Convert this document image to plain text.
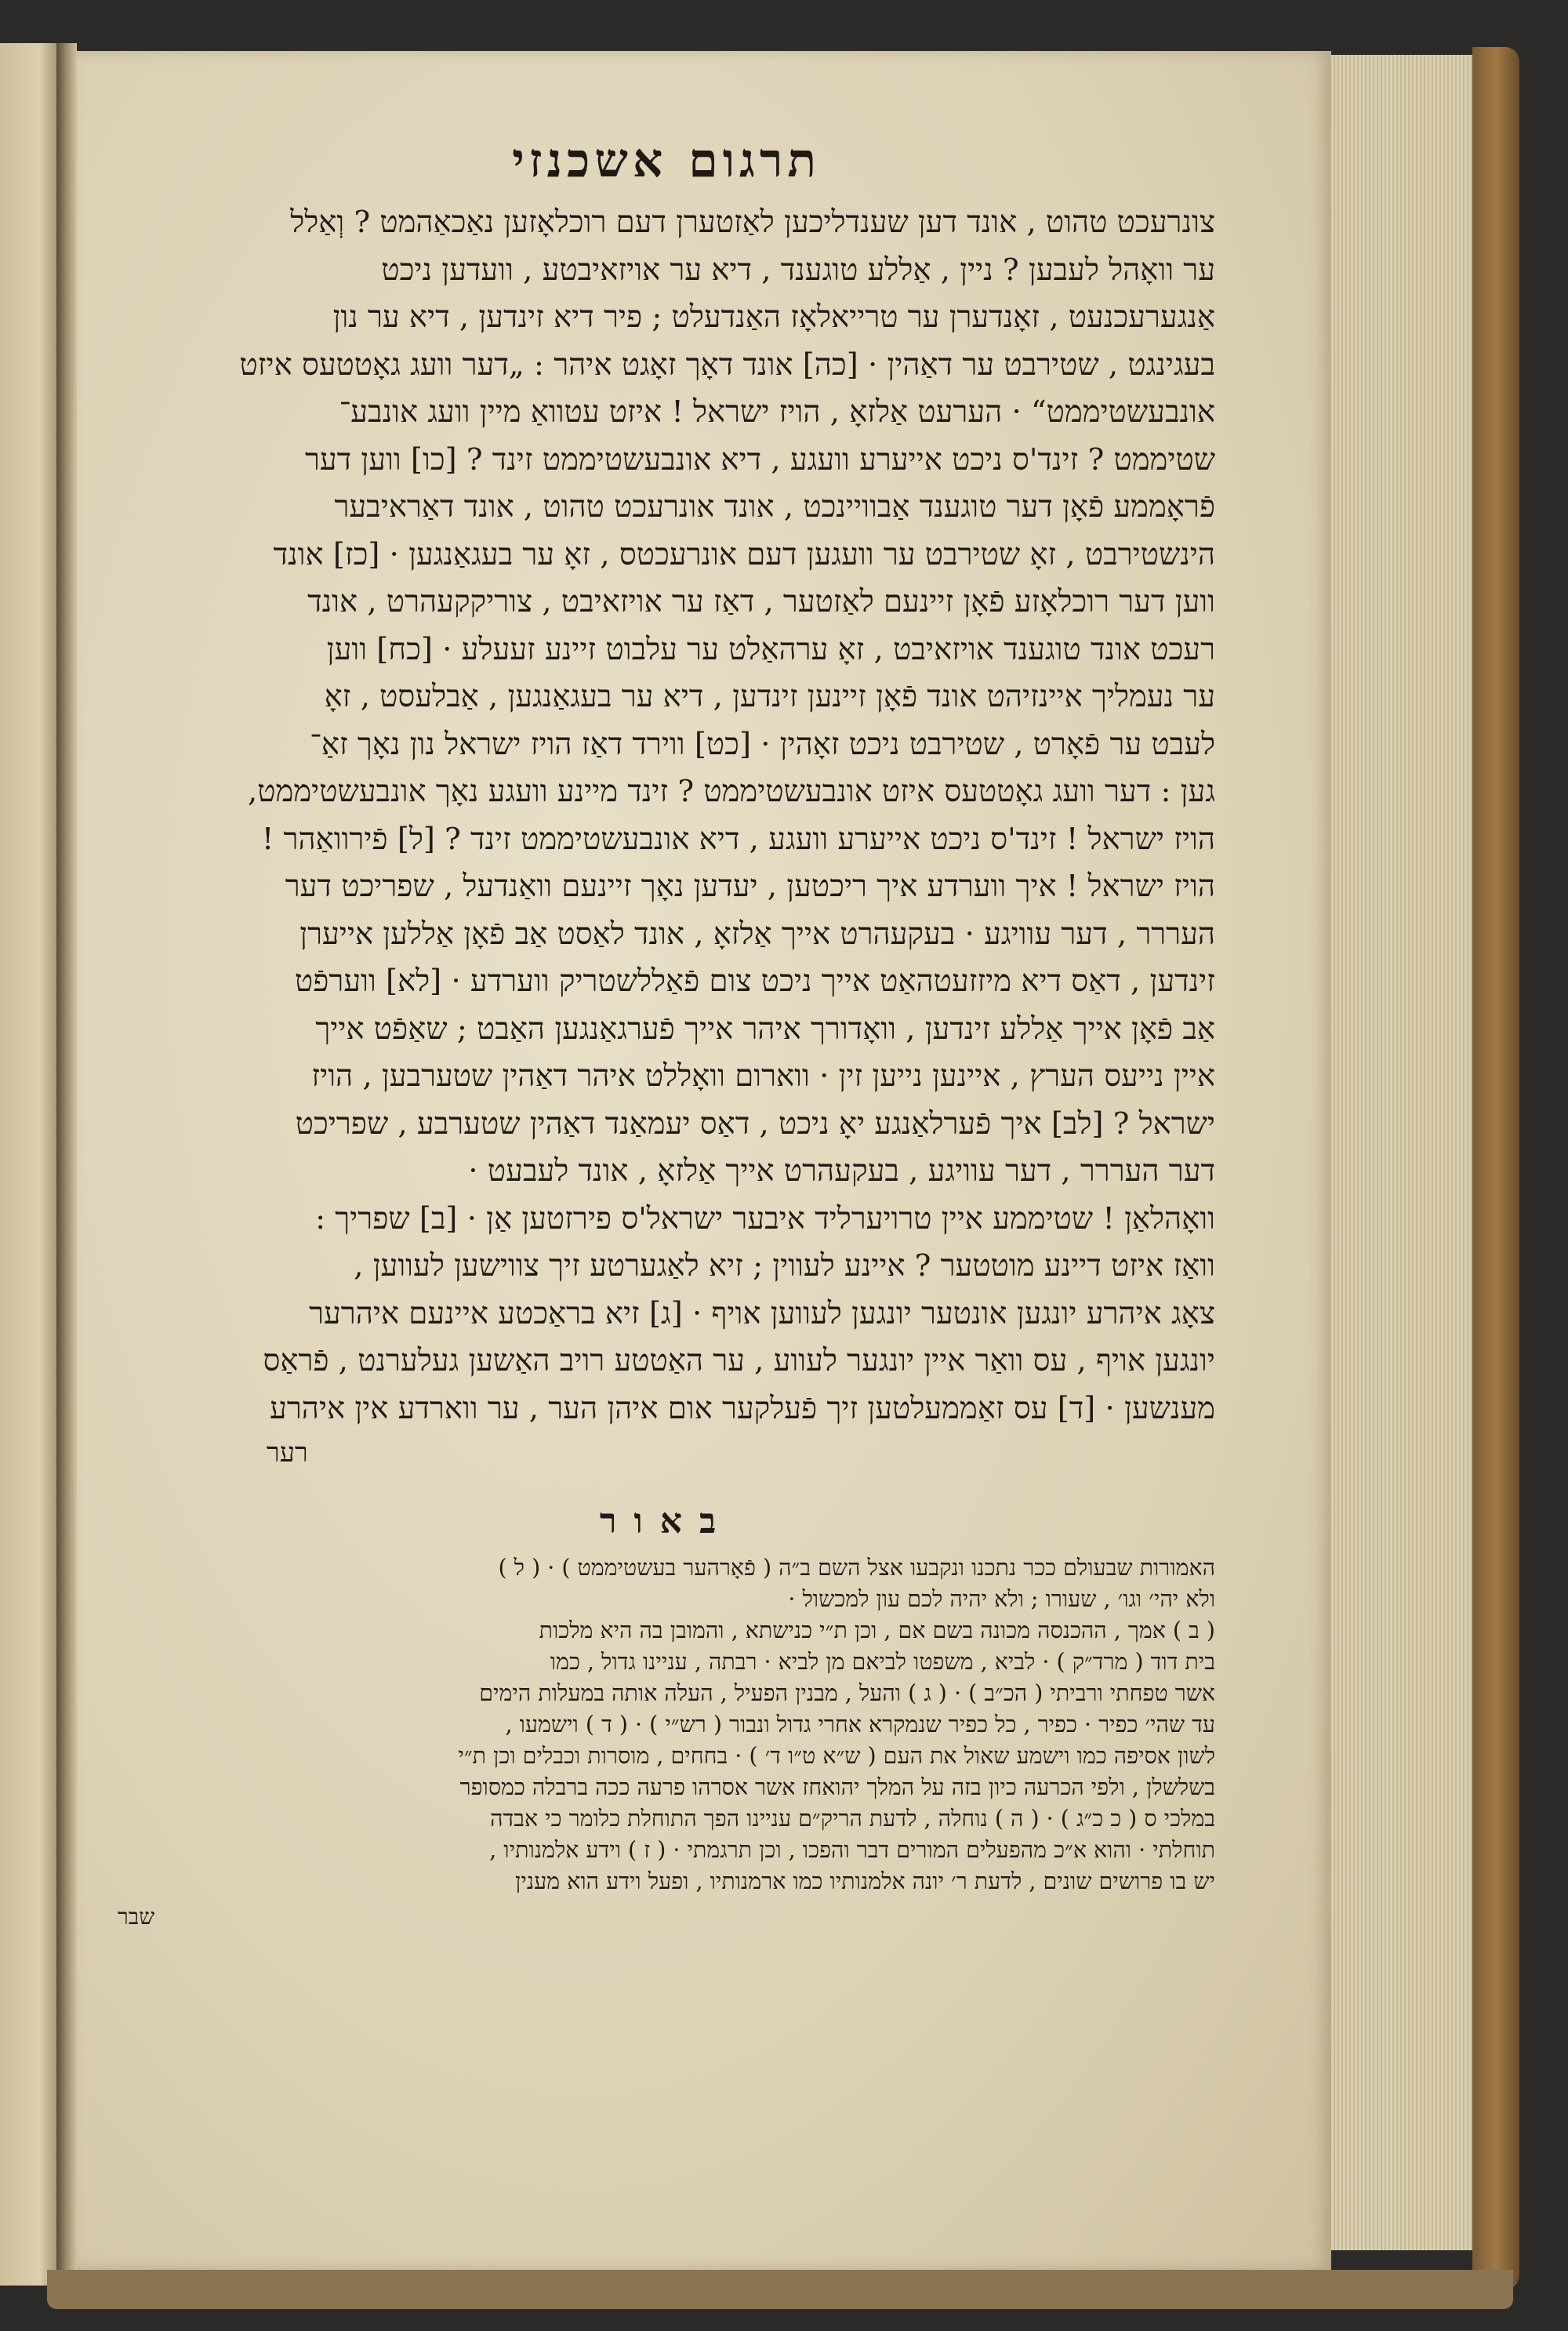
תרגום אשכנזי
צונרעכט טהוט , אונד דען שענדליכען לאַזטערן דעם רוכלאָזען נאַכאַהמט ? וְאַלל
ער וואָהל לעבען ? ניין , אַללע טוגענד , דיא ער אויזאיבטע , וועדען ניכט
אַנגערעכנעט , זאָנדערן ער טרייאלאָז האַנדעלט ; פיר דיא זינדען , דיא ער נון
בעגינגט , שטירבט ער דאַהין · [כה] אונד דאָך זאָגט איהר : „דער וועג גאָטטעס איזט
אונבעשטיממט“ · הערעט אַלזאָ , הויז ישראל ! איזט עטוואַ מיין וועג אונבע־
שטיממט ? זינד'ס ניכט אייערע וועגע , דיא אונבעשטיממט זינד ? [כו] ווען דער
פֿראָממע פֿאָן דער טוגענד אַבוויינכט , אונד אונרעכט טהוט , אונד דאַראיבער
הינשטירבט , זאָ שטירבט ער וועגען דעם אונרעכטס , זאָ ער בעגאַנגען · [כז] אונד
ווען דער רוכלאָזע פֿאָן זיינעם לאַזטער , דאַז ער אויזאיבט , צוריקקעהרט , אונד
רעכט אונד טוגענד אויזאיבט , זאָ ערהאַלט ער עלבוט זיינע זעעלע · [כח] ווען
ער נעמליך איינזיהט אונד פֿאָן זיינען זינדען , דיא ער בעגאַנגען , אַבלעסט , זאָ
לעבט ער פֿאָרט , שטירבט ניכט זאָהין · [כט] ווירד דאַז הויז ישראל נון נאָך זאַ־
גען : דער וועג גאָטטעס איזט אונבעשטיממט ? זינד מיינע וועגע נאָך אונבעשטיממט,
הויז ישראל ! זינד'ס ניכט אייערע וועגע , דיא אונבעשטיממט זינד ? [ל] פֿירוואַהר !
הויז ישראל ! איך ווערדע איך ריכטען , יעדען נאָך זיינעם וואַנדעל , שפריכט דער
העררר , דער עוויגע · בעקעהרט אייך אַלזאָ , אונד לאַסט אַב פֿאָן אַללען אייערן
זינדען , דאַס דיא מיזזעטהאַט אייך ניכט צום פֿאַללשטריק ווערדע · [לא] ווערפֿט
אַב פֿאָן אייך אַללע זינדען , וואָדורך איהר אייך פֿערגאַנגען האַבט ; שאַפֿט אייך
איין נייעס הערץ , איינען נייען זין · ווארום וואָללט איהר דאַהין שטערבען , הויז
ישראל ? [לב] איך פֿערלאַנגע יאָ ניכט , דאַס יעמאַנד דאַהין שטערבע , שפריכט
דער העררר , דער עוויגע , בעקעהרט אייך אַלזאָ , אונד לעבעט ·
וואָהלאַן ! שטיממע איין טרויערליד איבער ישראל'ס פירזטען אַן · [ב] שפריך :
וואַז איזט דיינע מוטטער ? איינע לעווין ; זיא לאַגערטע זיך צווישען לעווען ,
צאָג איהרע יונגען אונטער יונגען לעווען אויף · [ג] זיא בראַכטע איינעם איהרער
יונגען אויף , עס וואַר איין יונגער לעווע , ער האַטטע רויב האַשען געלערנט , פֿראַס
מענשען · [ד] עס זאַממעלטען זיך פֿעלקער אום איהן הער , ער ווארדע אין איהרע
רער
באור
האמורות שבעולם ככר נתכנו ונקבעו אצל השם ב״ה ( פֿאָרהער בעשטיממט ) · ( ל )
ולא יהי׳ וגו׳ , שעורו ; ולא יהיה לכם עון למכשול ·
( ב ) אמך , ההכנסה מכונה בשם אם , וכן ת״י כנישתא , והמובן בה היא מלכות
בית דוד ( מרד״ק ) · לביא , משפטו לביאם מן לביא · רבתה , עניינו גדול , כמו
אשר טפחתי ורביתי ( הכ״ב ) · ( ג ) והעל , מבנין הפעיל , העלה אותה במעלות הימים
עד שהי׳ כפיר · כפיר , כל כפיר שנמקרא אחרי גדול ונבור ( רש״י ) · ( ד ) וישמעו ,
לשון אסיפה כמו וישמע שאול את העם ( ש״א ט״ו ד׳ ) · בחחים , מוסרות וכבלים וכן ת״י
בשלשלן , ולפי הכרעה כיון בזה על המלך יהואחז אשר אסרהו פרעה ככה ברבלה כמסופר
במלכי ס ( כ כ״ג ) · ( ה ) נוחלה , לדעת הריק״ם עניינו הפך התוחלת כלומר כי אבדה
תוחלתי · והוא א״כ מהפעלים המורים דבר והפכו , וכן תרגמתי · ( ז ) וידע אלמנותיו ,
יש בו פרושים שונים , לדעת ר׳ יונה אלמנותיו כמו ארמנותיו , ופעל וידע הוא מענין
שבר
